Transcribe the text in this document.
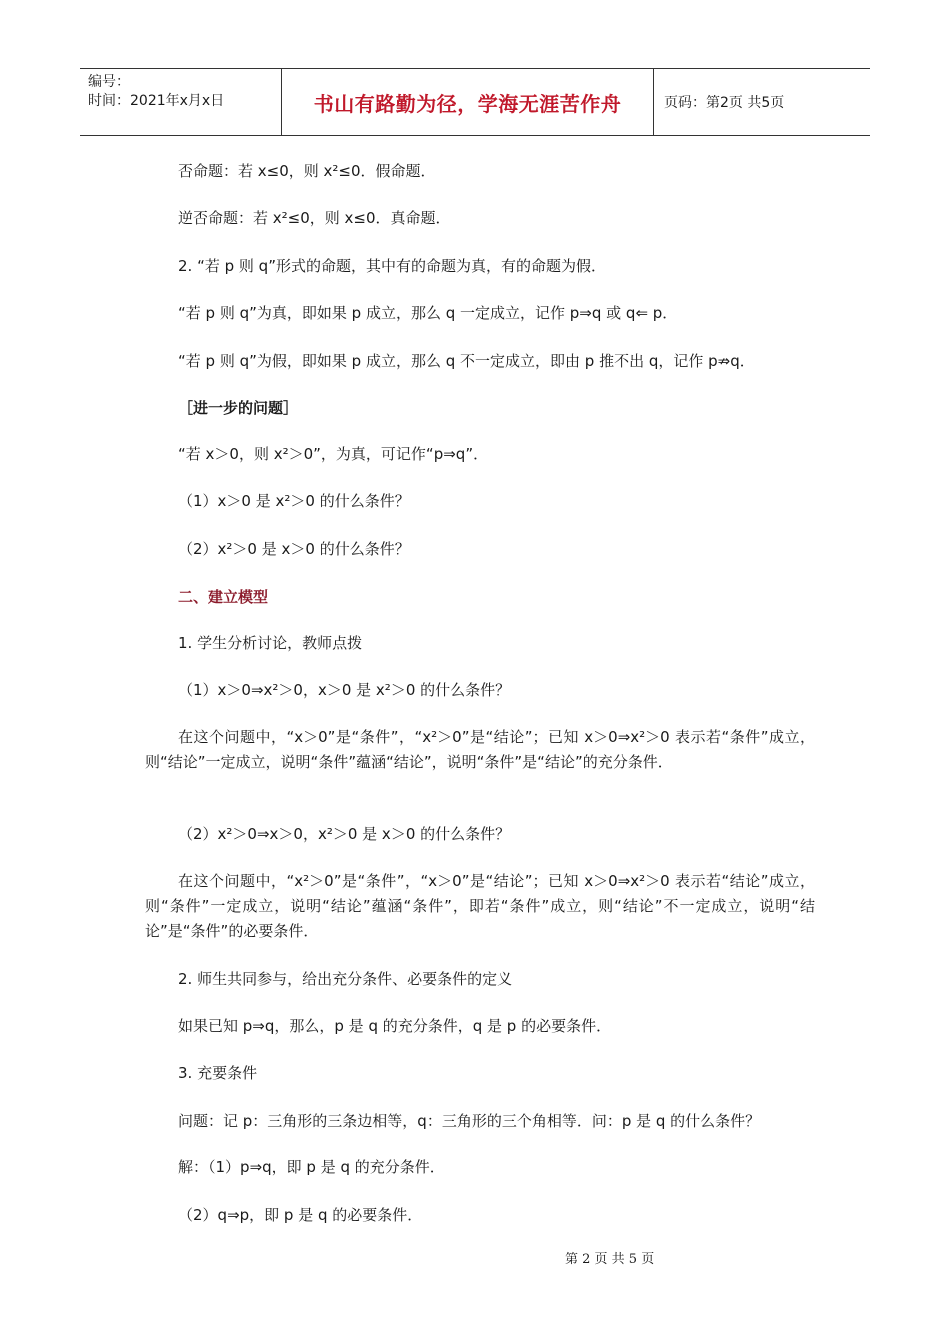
编号：
时间：2021年x月x日	书山有路勤为径，学海无涯苦作舟	页码：第2页 共5页
否命题：若 x≤0，则 x²≤0．假命题．
逆否命题：若 x²≤0，则 x≤0．真命题．
2. “若 p 则 q”形式的命题，其中有的命题为真，有的命题为假．
“若 p 则 q”为真，即如果 p 成立，那么 q 一定成立，记作 p⇒q 或 q⇐ p．
“若 p 则 q”为假，即如果 p 成立，那么 q 不一定成立，即由 p 推不出 q，记作 p⇏q．
［进一步的问题］
“若 x＞0，则 x²＞0”，为真，可记作“p⇒q”．
（1）x＞0 是 x²＞0 的什么条件？
（2）x²＞0 是 x＞0 的什么条件？
二、建立模型
1. 学生分析讨论，教师点拨
（1）x＞0⇒x²＞0，x＞0 是 x²＞0 的什么条件？
在这个问题中，“x＞0”是“条件”，“x²＞0”是“结论”；已知 x＞0⇒x²＞0 表示若“条件”成立，则“结论”一定成立，说明“条件”蕴涵“结论”，说明“条件”是“结论”的充分条件．
（2）x²＞0⇒x＞0，x²＞0 是 x＞0 的什么条件？
在这个问题中，“x²＞0”是“条件”，“x＞0”是“结论”；已知 x＞0⇒x²＞0 表示若“结论”成立，则“条件”一定成立，说明“结论”蕴涵“条件”，即若“条件”成立，则“结论”不一定成立，说明“结论”是“条件”的必要条件．
2. 师生共同参与，给出充分条件、必要条件的定义
如果已知 p⇒q，那么，p 是 q 的充分条件，q 是 p 的必要条件．
3. 充要条件
问题：记 p：三角形的三条边相等，q：三角形的三个角相等．问：p 是 q 的什么条件？
解：（1）p⇒q，即 p 是 q 的充分条件．
（2）q⇒p，即 p 是 q 的必要条件．
第 2 页 共 5 页
